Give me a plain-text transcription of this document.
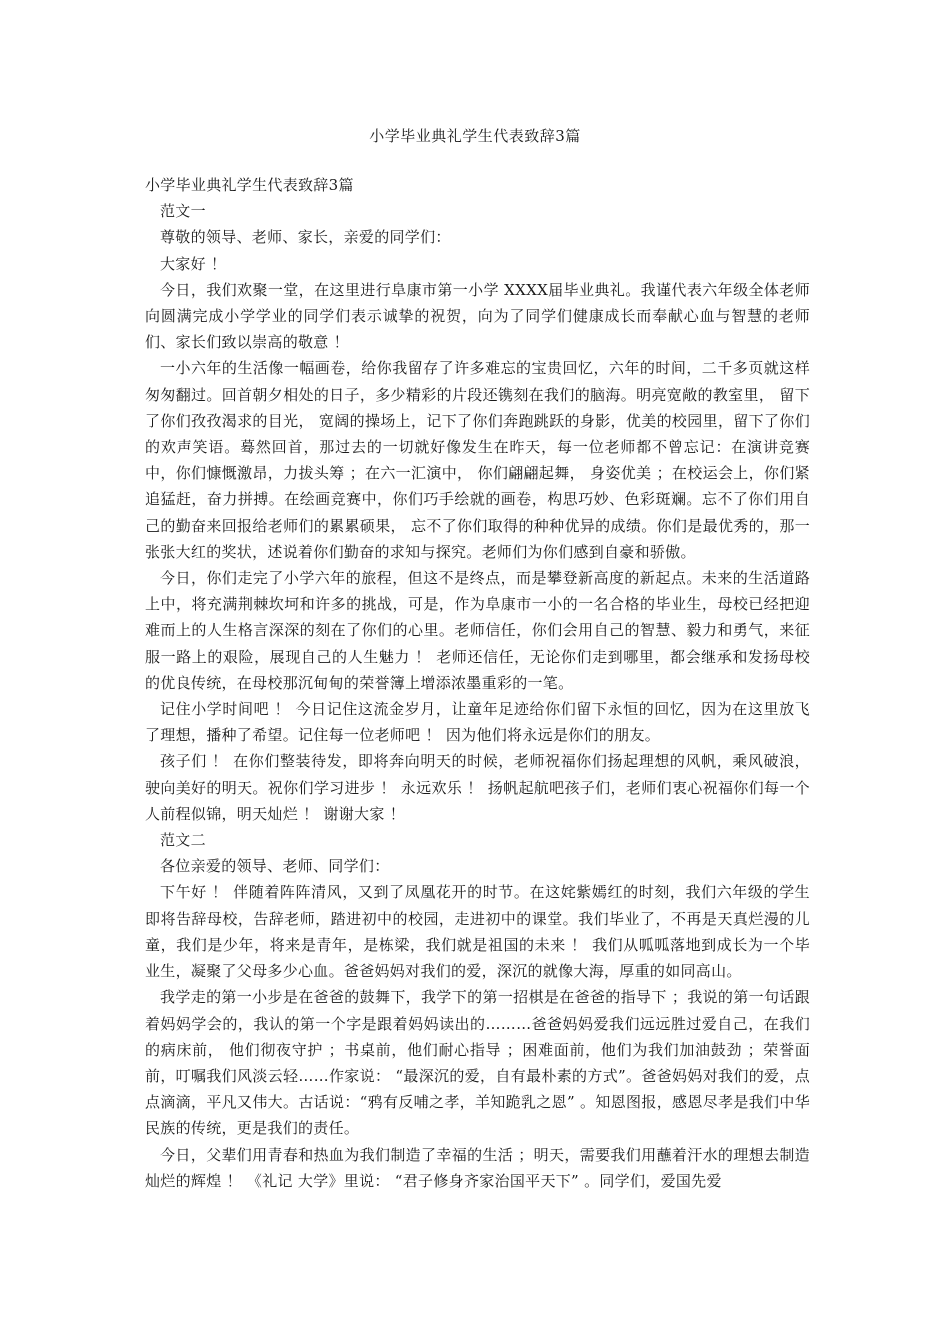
小学毕业典礼学生代表致辞3篇

小学毕业典礼学生代表致辞3篇

范文一

尊敬的领导、老师、家长，亲爱的同学们：

大家好 ！

今日，我们欢聚一堂，在这里进行阜康市第一小学 XXXX届毕业典礼。我谨代表六年级全体老师向圆满完成小学学业的同学们表示诚挚的祝贺，向为了同学们健康成长而奉献心血与智慧的老师们、家长们致以崇高的敬意 ！

一小六年的生活像一幅画卷，给你我留存了许多难忘的宝贵回忆，六年的时间，二千多页就这样匆匆翻过。回首朝夕相处的日子，多少精彩的片段还镌刻在我们的脑海。明亮宽敞的教室里， 留下了你们孜孜渴求的目光， 宽阔的操场上，记下了你们奔跑跳跃的身影，优美的校园里，留下了你们的欢声笑语。蓦然回首，那过去的一切就好像发生在昨天，每一位老师都不曾忘记：在演讲竞赛中，你们慷慨激昂，力拔头筹 ；在六一汇演中， 你们翩翩起舞， 身姿优美 ；在校运会上，你们紧追猛赶，奋力拼搏。在绘画竞赛中，你们巧手绘就的画卷，构思巧妙、色彩斑斓。忘不了你们用自己的勤奋来回报给老师们的累累硕果， 忘不了你们取得的种种优异的成绩。你们是最优秀的，那一张张大红的奖状，述说着你们勤奋的求知与探究。老师们为你们感到自豪和骄傲。

今日，你们走完了小学六年的旅程，但这不是终点，而是攀登新高度的新起点。未来的生活道路上中，将充满荆棘坎坷和许多的挑战，可是，作为阜康市一小的一名合格的毕业生，母校已经把迎难而上的人生格言深深的刻在了你们的心里。老师信任，你们会用自己的智慧、毅力和勇气，来征服一路上的艰险，展现自己的人生魅力 ！ 老师还信任，无论你们走到哪里，都会继承和发扬母校的优良传统，在母校那沉甸甸的荣誉簿上增添浓墨重彩的一笔。

记住小学时间吧 ！ 今日记住这流金岁月，让童年足迹给你们留下永恒的回忆，因为在这里放飞了理想，播种了希望。记住每一位老师吧 ！ 因为他们将永远是你们的朋友。

孩子们 ！ 在你们整装待发，即将奔向明天的时候，老师祝福你们扬起理想的风帆，乘风破浪，驶向美好的明天。祝你们学习进步 ！ 永远欢乐 ！ 扬帆起航吧孩子们，老师们衷心祝福你们每一个人前程似锦，明天灿烂 ！ 谢谢大家 ！

范文二

各位亲爱的领导、老师、同学们：

下午好 ！ 伴随着阵阵清风，又到了凤凰花开的时节。在这姹紫嫣红的时刻，我们六年级的学生即将告辞母校，告辞老师，踏进初中的校园，走进初中的课堂。我们毕业了，不再是天真烂漫的儿童，我们是少年，将来是青年，是栋梁，我们就是祖国的未来 ！ 我们从呱呱落地到成长为一个毕业生，凝聚了父母多少心血。爸爸妈妈对我们的爱，深沉的就像大海，厚重的如同高山。

我学走的第一小步是在爸爸的鼓舞下，我学下的第一招棋是在爸爸的指导下 ；我说的第一句话跟着妈妈学会的，我认的第一个字是跟着妈妈读出的………爸爸妈妈爱我们远远胜过爱自己，在我们的病床前， 他们彻夜守护 ；书桌前，他们耐心指导 ；困难面前，他们为我们加油鼓劲 ；荣誉面前，叮嘱我们风淡云轻……作家说： “最深沉的爱，自有最朴素的方式”。爸爸妈妈对我们的爱，点点滴滴，平凡又伟大。古话说：“鸦有反哺之孝，羊知跪乳之恩” 。知恩图报，感恩尽孝是我们中华民族的传统，更是我们的责任。

今日，父辈们用青春和热血为我们制造了幸福的生活 ；明天，需要我们用蘸着汗水的理想去制造灿烂的辉煌 ！ 《礼记 大学》里说： “君子修身齐家治国平天下” 。同学们，爱国先爱
